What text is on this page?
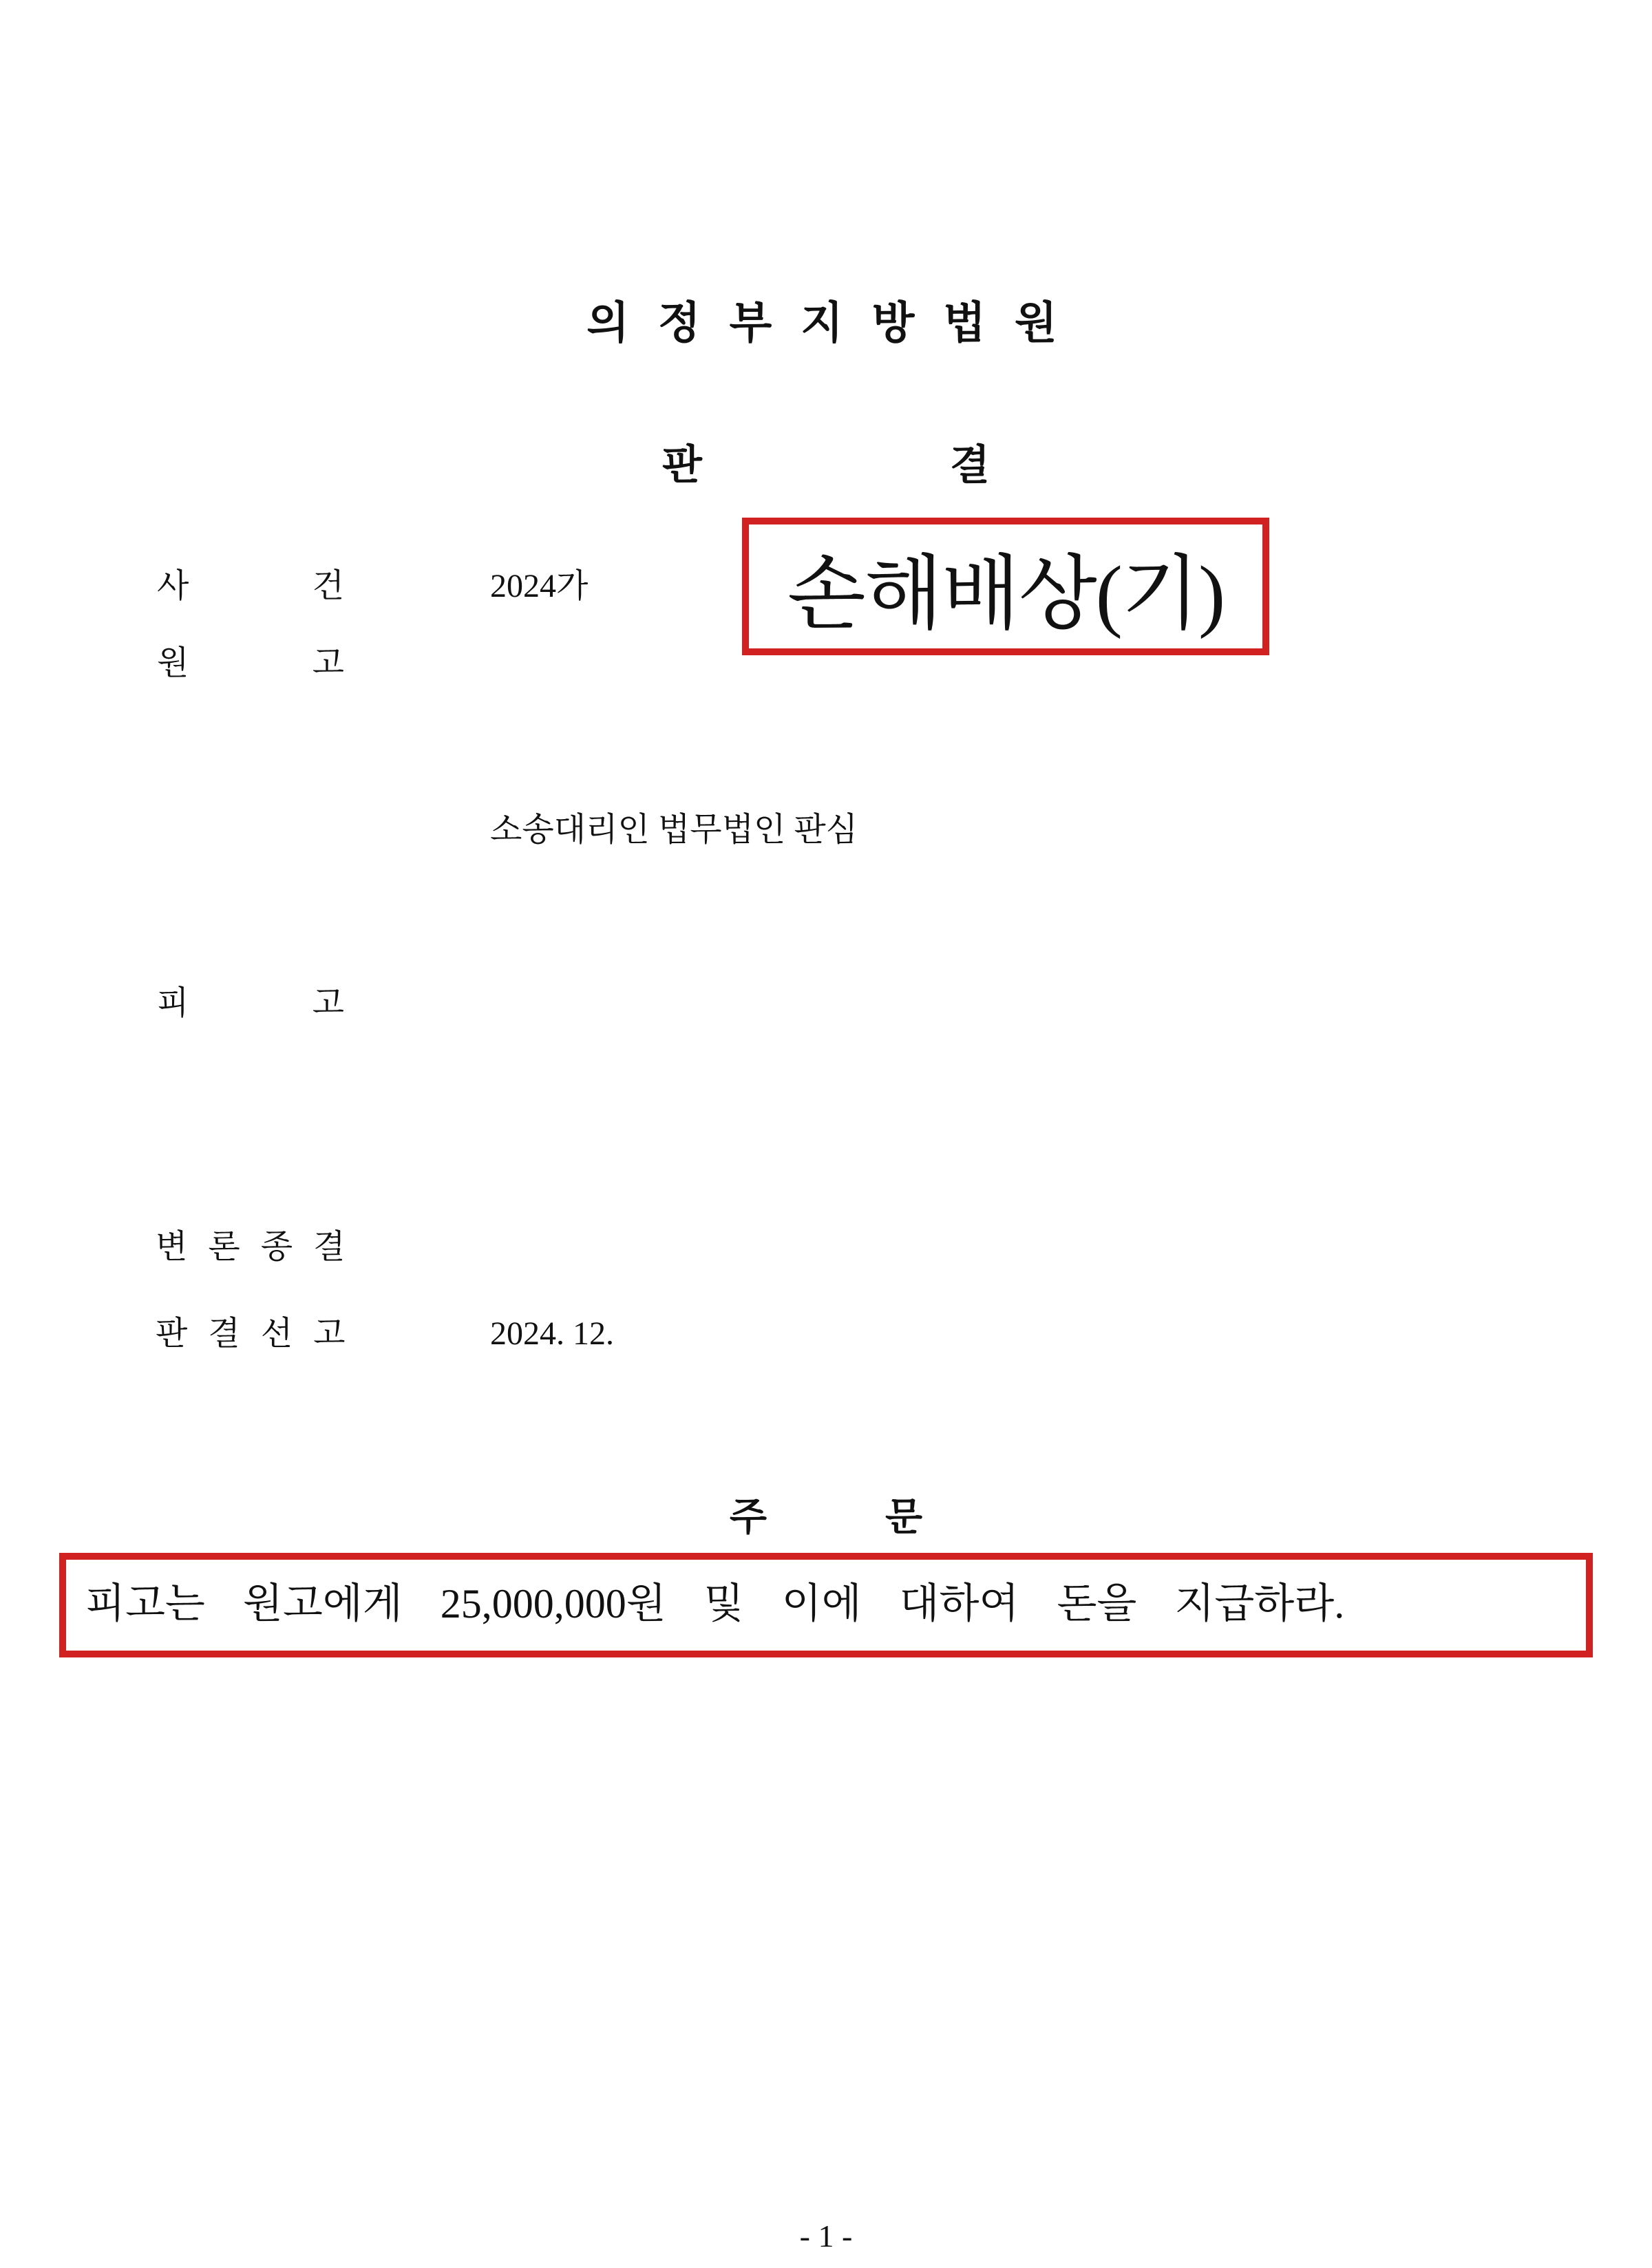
의 정 부 지 방 법 원
판	결
사	건	2024가 손해배상(기)
원	고
소송대리인 법무법인 판심
피	고
변 론 종 결
판 결 선 고	2024. 12.
주	문
피고는 원고에게 25,000,000원 및 이에 대하여 돈을 지급하라.
- 1 -
